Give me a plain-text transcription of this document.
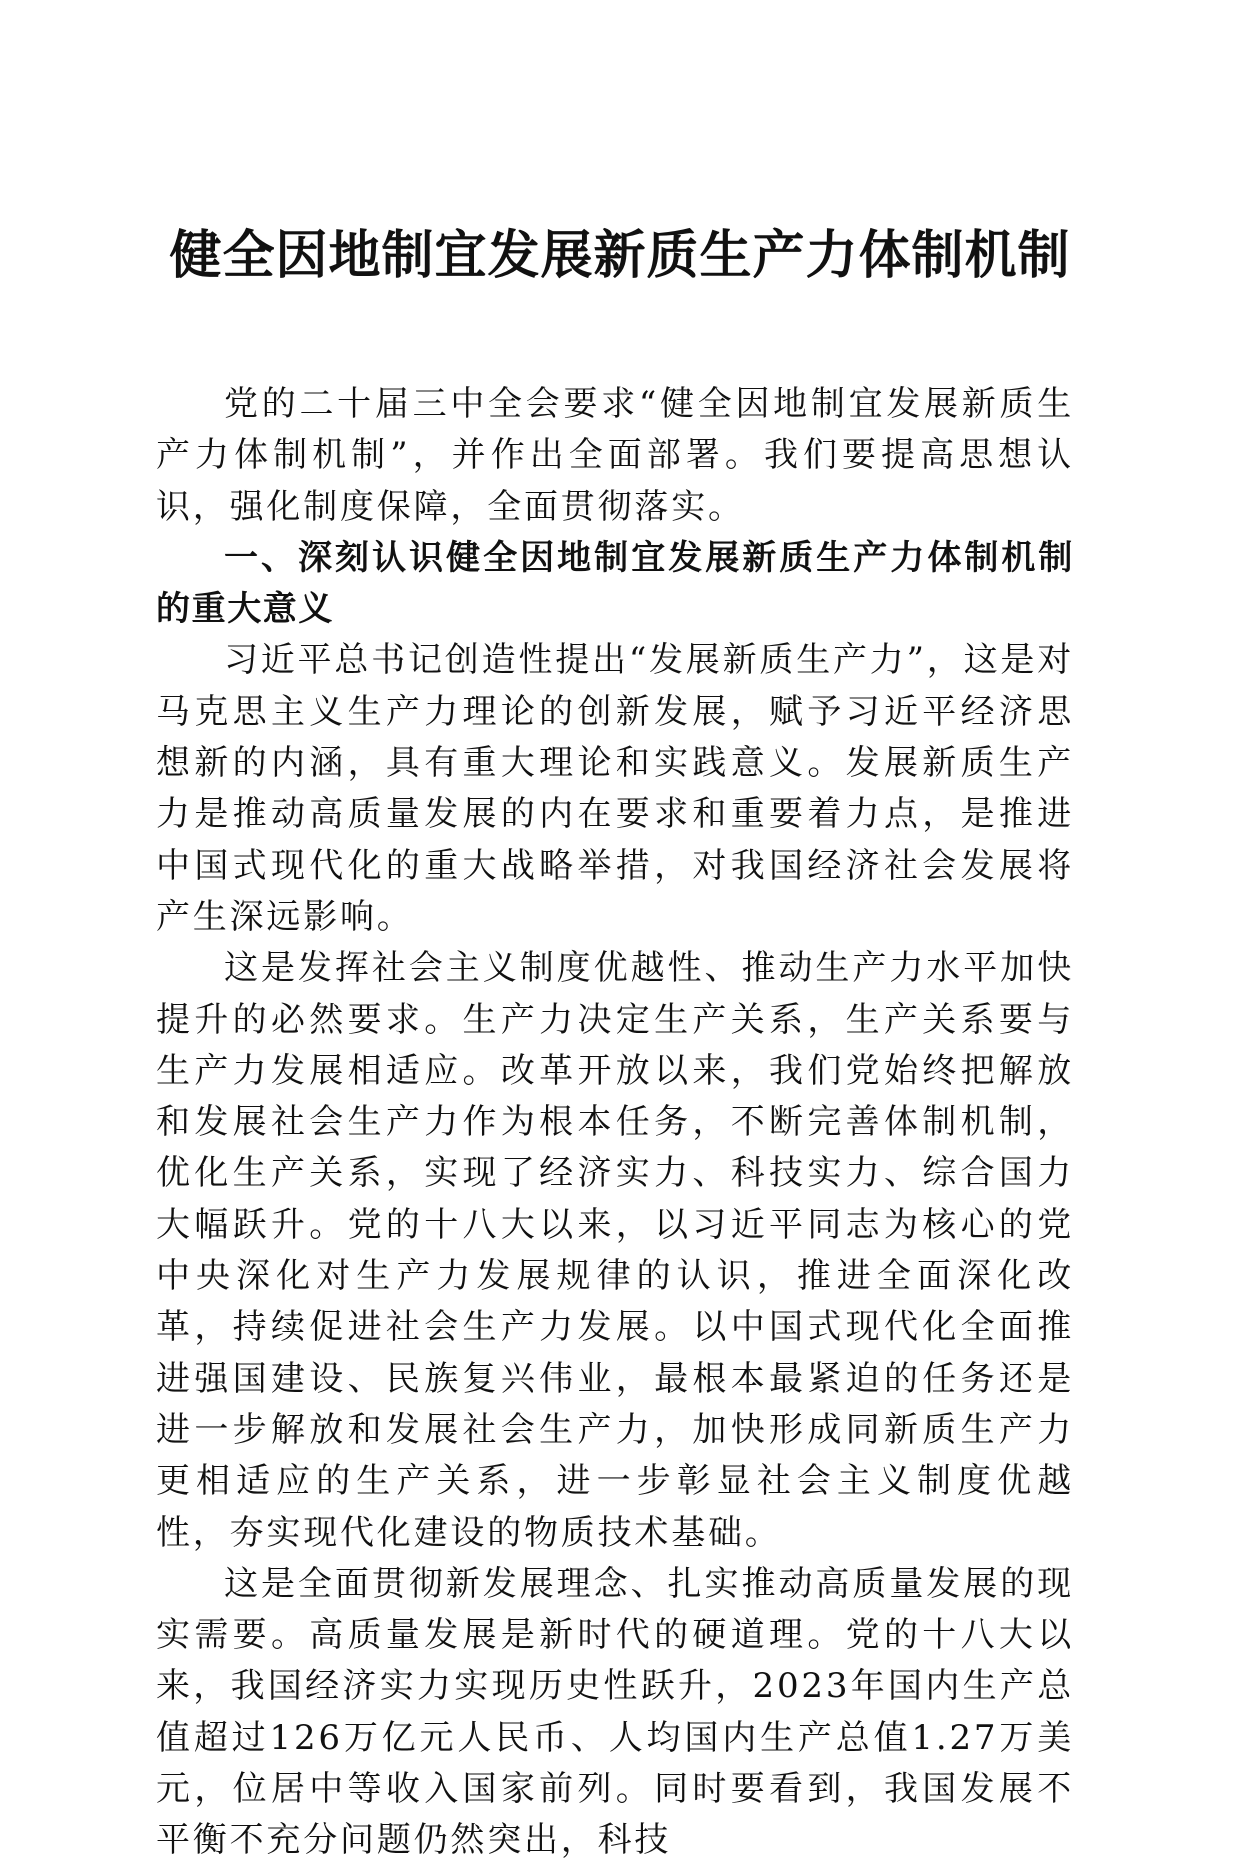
健全因地制宜发展新质生产力体制机制

党的二十届三中全会要求“健全因地制宜发展新质生产力体制机制”，并作出全面部署。我们要提高思想认识，强化制度保障，全面贯彻落实。

一、深刻认识健全因地制宜发展新质生产力体制机制的重大意义

习近平总书记创造性提出“发展新质生产力”，这是对马克思主义生产力理论的创新发展，赋予习近平经济思想新的内涵，具有重大理论和实践意义。发展新质生产力是推动高质量发展的内在要求和重要着力点，是推进中国式现代化的重大战略举措，对我国经济社会发展将产生深远影响。

这是发挥社会主义制度优越性、推动生产力水平加快提升的必然要求。生产力决定生产关系，生产关系要与生产力发展相适应。改革开放以来，我们党始终把解放和发展社会生产力作为根本任务，不断完善体制机制，优化生产关系，实现了经济实力、科技实力、综合国力大幅跃升。党的十八大以来，以习近平同志为核心的党中央深化对生产力发展规律的认识，推进全面深化改革，持续促进社会生产力发展。以中国式现代化全面推进强国建设、民族复兴伟业，最根本最紧迫的任务还是进一步解放和发展社会生产力，加快形成同新质生产力更相适应的生产关系，进一步彰显社会主义制度优越性，夯实现代化建设的物质技术基础。

这是全面贯彻新发展理念、扎实推动高质量发展的现实需要。高质量发展是新时代的硬道理。党的十八大以来，我国经济实力实现历史性跃升，2023年国内生产总值超过126万亿元人民币、人均国内生产总值1.27万美元，位居中等收入国家前列。同时要看到，我国发展不平衡不充分问题仍然突出，科技
